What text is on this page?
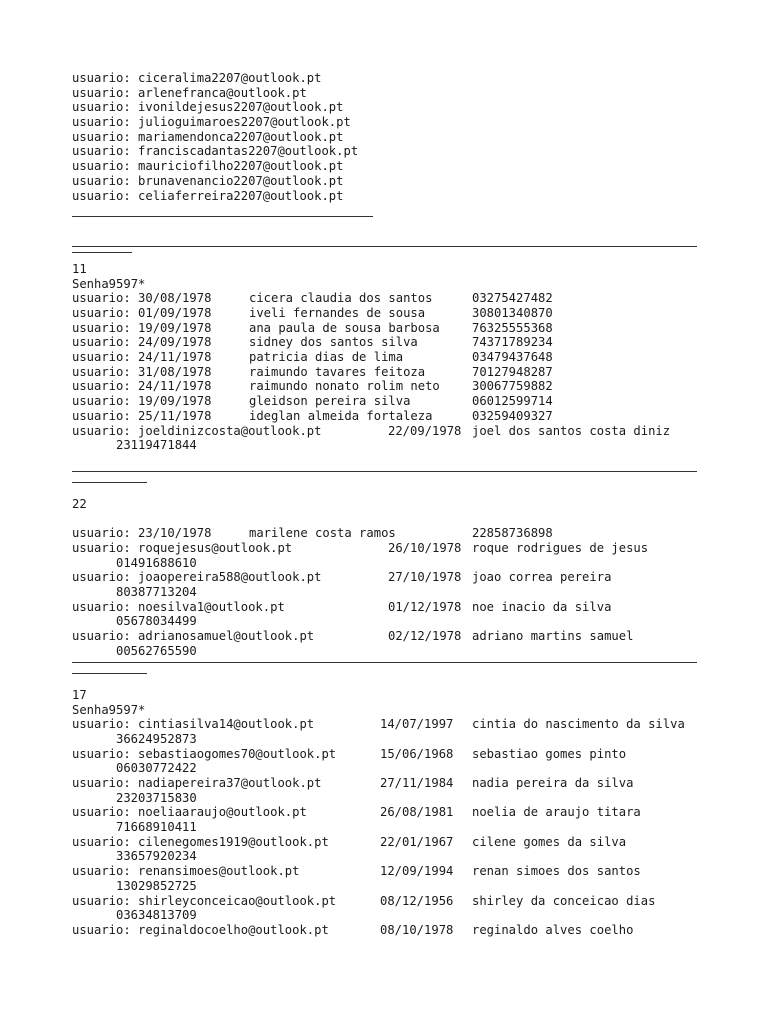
usuario: ciceralima2207@outlook.pt
usuario: arlenefranca@outlook.pt
usuario: ivonildejesus2207@outlook.pt
usuario: julioguimaroes2207@outlook.pt
usuario: mariamendonca2207@outlook.pt
usuario: franciscadantas2207@outlook.pt
usuario: mauriciofilho2207@outlook.pt
usuario: brunavenancio2207@outlook.pt
usuario: celiaferreira2207@outlook.pt
11
Senha9597*
usuario: 30/08/1978	cicera claudia dos santos	03275427482
usuario: 01/09/1978	iveli fernandes de sousa	30801340870
usuario: 19/09/1978	ana paula de sousa barbosa	76325555368
usuario: 24/09/1978	sidney dos santos silva	74371789234
usuario: 24/11/1978	patricia dias de lima	03479437648
usuario: 31/08/1978	raimundo tavares feitoza	70127948287
usuario: 24/11/1978	raimundo nonato rolim neto	30067759882
usuario: 19/09/1978	gleidson pereira silva	06012599714
usuario: 25/11/1978	ideglan almeida fortaleza	03259409327
usuario: joeldinizcosta@outlook.pt	22/09/1978 joel dos santos costa diniz
23119471844
22
usuario: 23/10/1978	marilene costa ramos	22858736898
usuario: roquejesus@outlook.pt	26/10/1978 roque rodrigues de jesus
01491688610
usuario: joaopereira588@outlook.pt	27/10/1978 joao correa pereira
80387713204
usuario: noesilva1@outlook.pt	01/12/1978 noe inacio da silva
05678034499
usuario: adrianosamuel@outlook.pt	02/12/1978 adriano martins samuel
00562765590
17
Senha9597*
usuario: cintiasilva14@outlook.pt	14/07/1997 cintia do nascimento da silva
36624952873
usuario: sebastiaogomes70@outlook.pt	15/06/1968 sebastiao gomes pinto
06030772422
usuario: nadiapereira37@outlook.pt	27/11/1984 nadia pereira da silva
23203715830
usuario: noeliaaraujo@outlook.pt	26/08/1981 noelia de araujo titara
71668910411
usuario: cilenegomes1919@outlook.pt	22/01/1967 cilene gomes da silva
33657920234
usuario: renansimoes@outlook.pt	12/09/1994 renan simoes dos santos
13029852725
usuario: shirleyconceicao@outlook.pt	08/12/1956 shirley da conceicao dias
03634813709
usuario: reginaldocoelho@outlook.pt	08/10/1978 reginaldo alves coelho
